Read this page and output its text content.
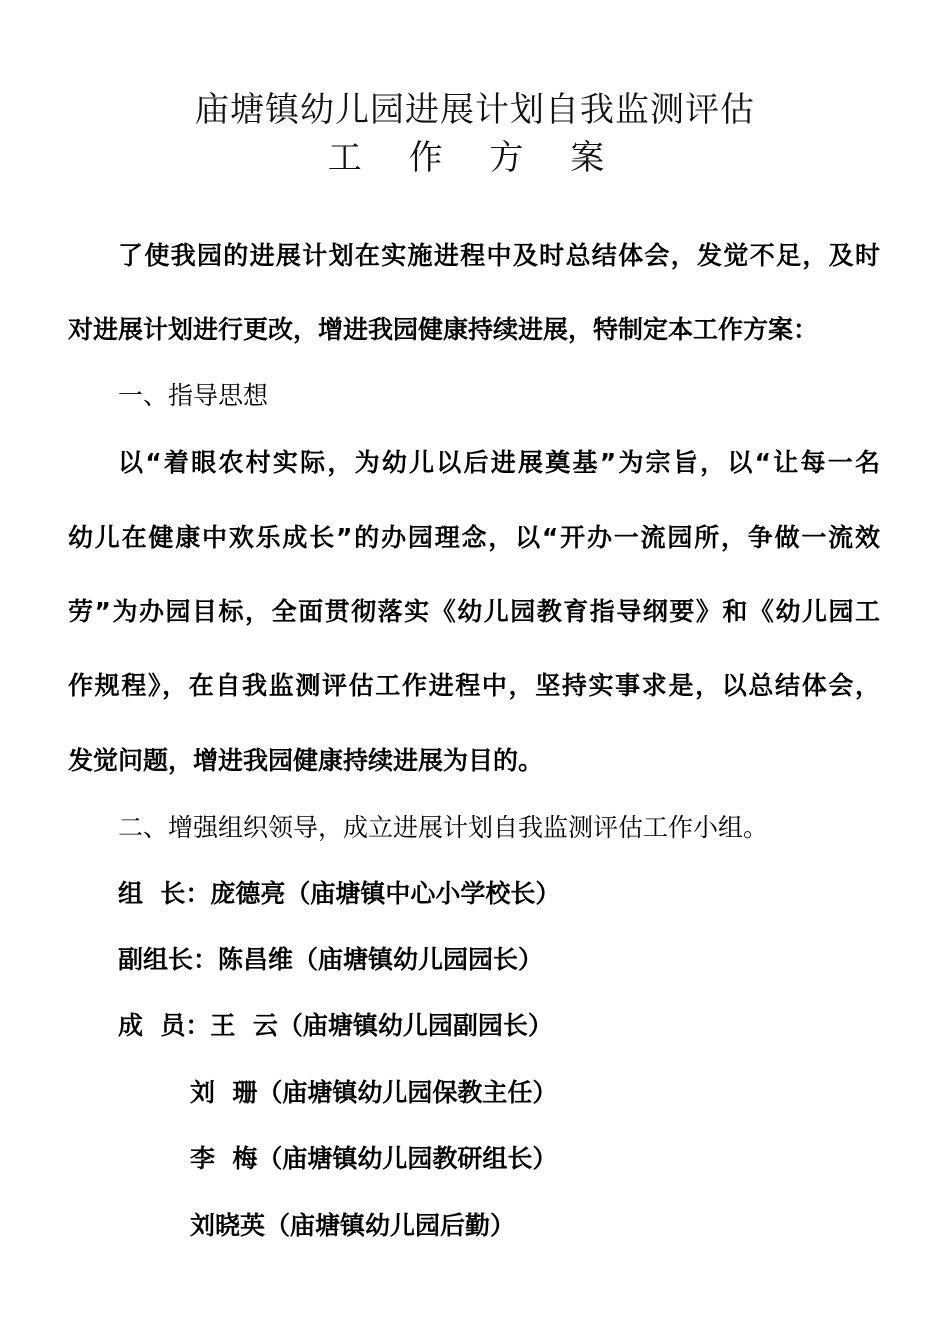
庙塘镇幼儿园进展计划自我监测评估
工 作 方 案
了使我园的进展计划在实施进程中及时总结体会，发觉不足，及时
对进展计划进行更改，增进我园健康持续进展，特制定本工作方案：
一、指导思想
以“着眼农村实际，为幼儿以后进展奠基”为宗旨，以“让每一名
幼儿在健康中欢乐成长”的办园理念，以“开办一流园所，争做一流效
劳”为办园目标，全面贯彻落实《幼儿园教育指导纲要》和《幼儿园工
作规程》，在自我监测评估工作进程中，坚持实事求是，以总结体会，
发觉问题，增进我园健康持续进展为目的。
二、增强组织领导，成立进展计划自我监测评估工作小组。
组  长：庞德亮（庙塘镇中心小学校长）
副组长：陈昌维（庙塘镇幼儿园园长）
成  员：王  云（庙塘镇幼儿园副园长）
刘  珊（庙塘镇幼儿园保教主任）
李  梅（庙塘镇幼儿园教研组长）
刘晓英（庙塘镇幼儿园后勤）
